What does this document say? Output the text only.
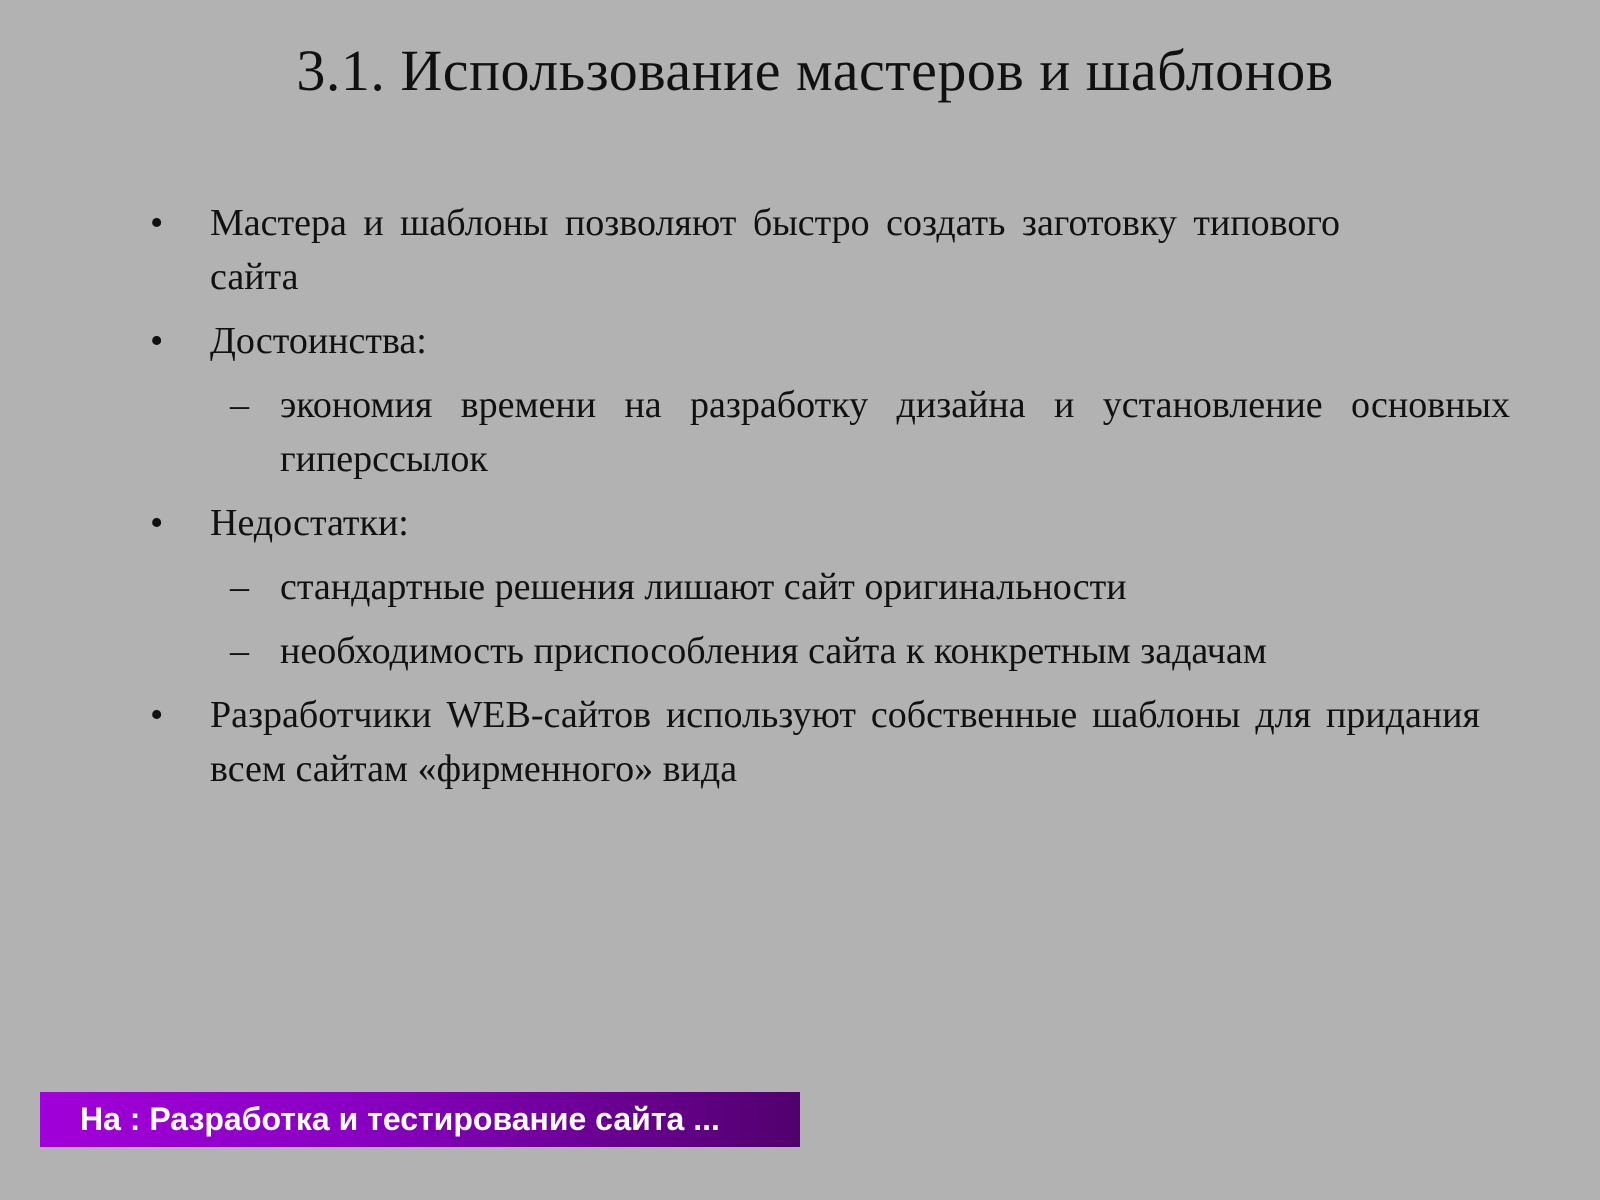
3.1. Использование мастеров и шаблонов
• Мастера и шаблоны позволяют быстро создать заготовку типового сайта
• Достоинства:
– экономия времени на разработку дизайна и установление основных гиперссылок
• Недостатки:
– стандартные решения лишают сайт оригинальности
– необходимость приспособления сайта к конкретным задачам
• Разработчики WEB-сайтов используют собственные шаблоны для придания всем сайтам «фирменного» вида
На : Разработка и тестирование сайта ...
